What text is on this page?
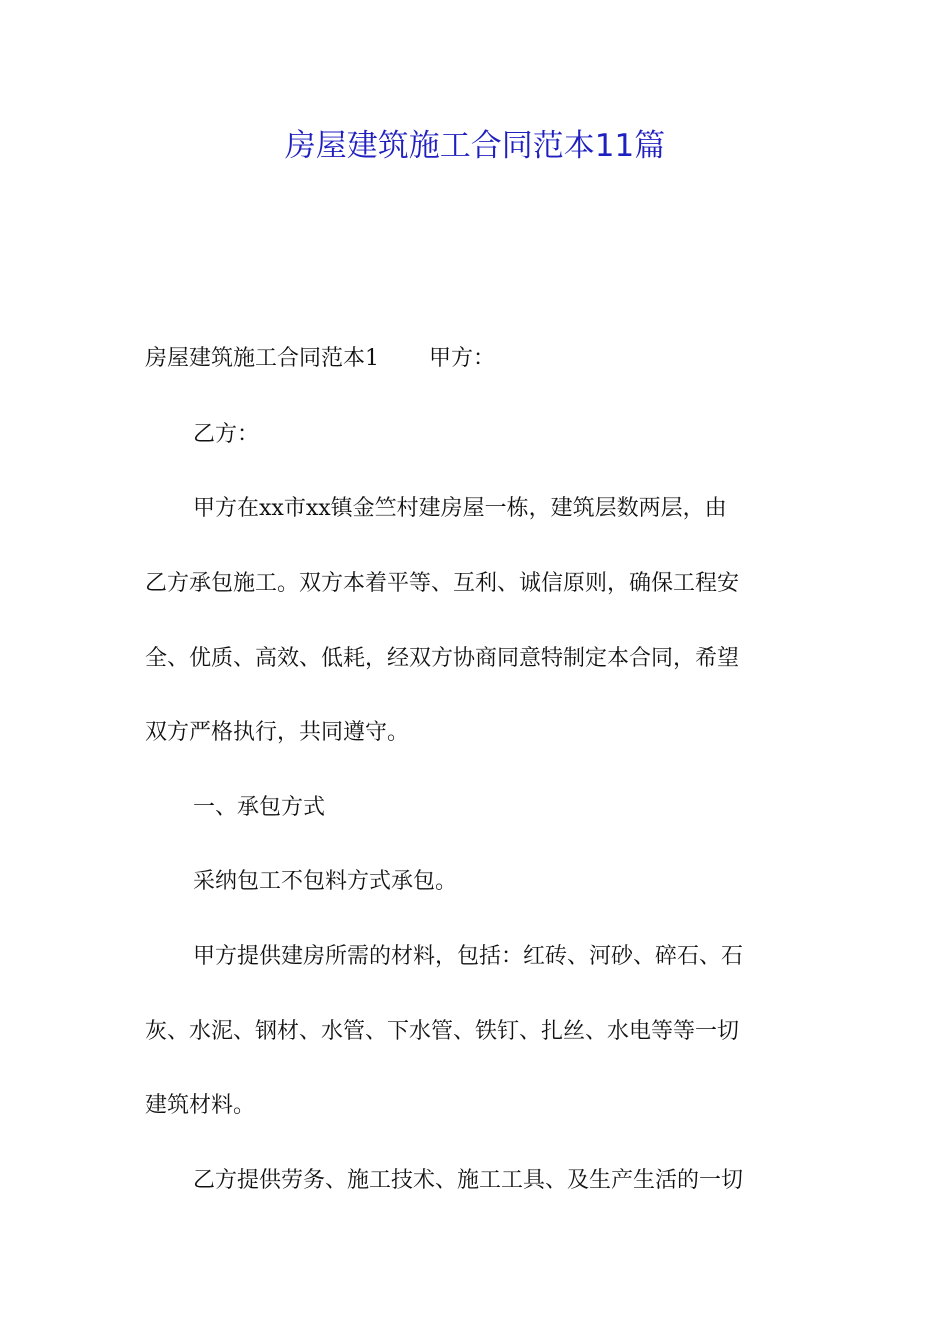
房屋建筑施工合同范本11篇

房屋建筑施工合同范本1 甲方：

乙方：

甲方在xx市xx镇金竺村建房屋一栋，建筑层数两层，由

乙方承包施工。双方本着平等、互利、诚信原则，确保工程安

全、优质、高效、低耗，经双方协商同意特制定本合同，希望

双方严格执行，共同遵守。

一、承包方式

采纳包工不包料方式承包。

甲方提供建房所需的材料，包括：红砖、河砂、碎石、石

灰、水泥、钢材、水管、下水管、铁钉、扎丝、水电等等一切

建筑材料。

乙方提供劳务、施工技术、施工工具、及生产生活的一切
